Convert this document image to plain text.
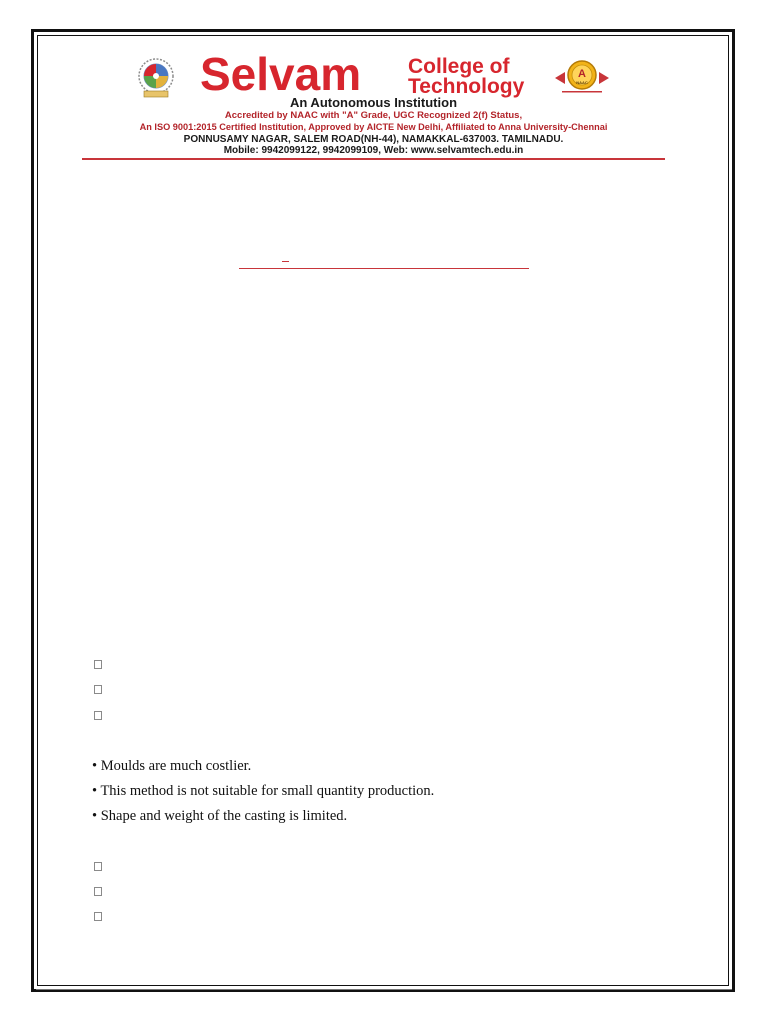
Selvam College of
Technology
A
NAAC
An Autonomous Institution
Accredited by NAAC with "A" Grade, UGC Recognized 2(f) Status,
An ISO 9001:2015 Certified Institution, Approved by AICTE New Delhi, Affiliated to Anna University-Chennai
PONNUSAMY NAGAR, SALEM ROAD(NH-44), NAMAKKAL-637003. TAMILNADU.
Mobile: 9942099122, 9942099109, Web: www.selvamtech.edu.in
• Moulds are much costlier.
• This method is not suitable for small quantity production.
• Shape and weight of the casting is limited.
